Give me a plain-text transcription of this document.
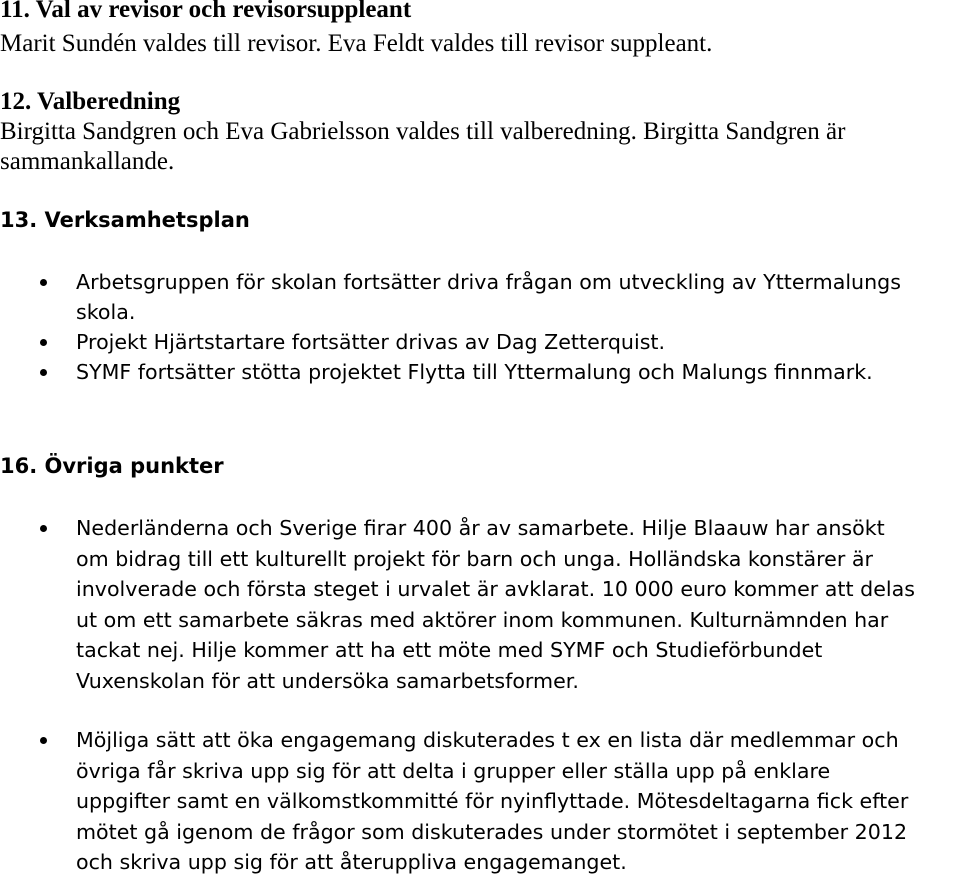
11. Val av revisor och revisorsuppleant
Marit Sundén valdes till revisor. Eva Feldt valdes till revisor suppleant.
12. Valberedning
Birgitta Sandgren och Eva Gabrielsson valdes till valberedning. Birgitta Sandgren är
sammankallande.
13. Verksamhetsplan
Arbetsgruppen för skolan fortsätter driva frågan om utveckling av Yttermalungs
skola.
Projekt Hjärtstartare fortsätter drivas av Dag Zetterquist.
SYMF fortsätter stötta projektet Flytta till Yttermalung och Malungs finnmark.
16. Övriga punkter
Nederländerna och Sverige firar 400 år av samarbete. Hilje Blaauw har ansökt
om bidrag till ett kulturellt projekt för barn och unga. Holländska konstärer är
involverade och första steget i urvalet är avklarat. 10 000 euro kommer att delas
ut om ett samarbete säkras med aktörer inom kommunen. Kulturnämnden har
tackat nej. Hilje kommer att ha ett möte med SYMF och Studieförbundet
Vuxenskolan för att undersöka samarbetsformer.
Möjliga sätt att öka engagemang diskuterades t ex en lista där medlemmar och
övriga får skriva upp sig för att delta i grupper eller ställa upp på enklare
uppgifter samt en välkomstkommitté för nyinflyttade. Mötesdeltagarna fick efter
mötet gå igenom de frågor som diskuterades under stormötet i september 2012
och skriva upp sig för att återuppliva engagemanget.
